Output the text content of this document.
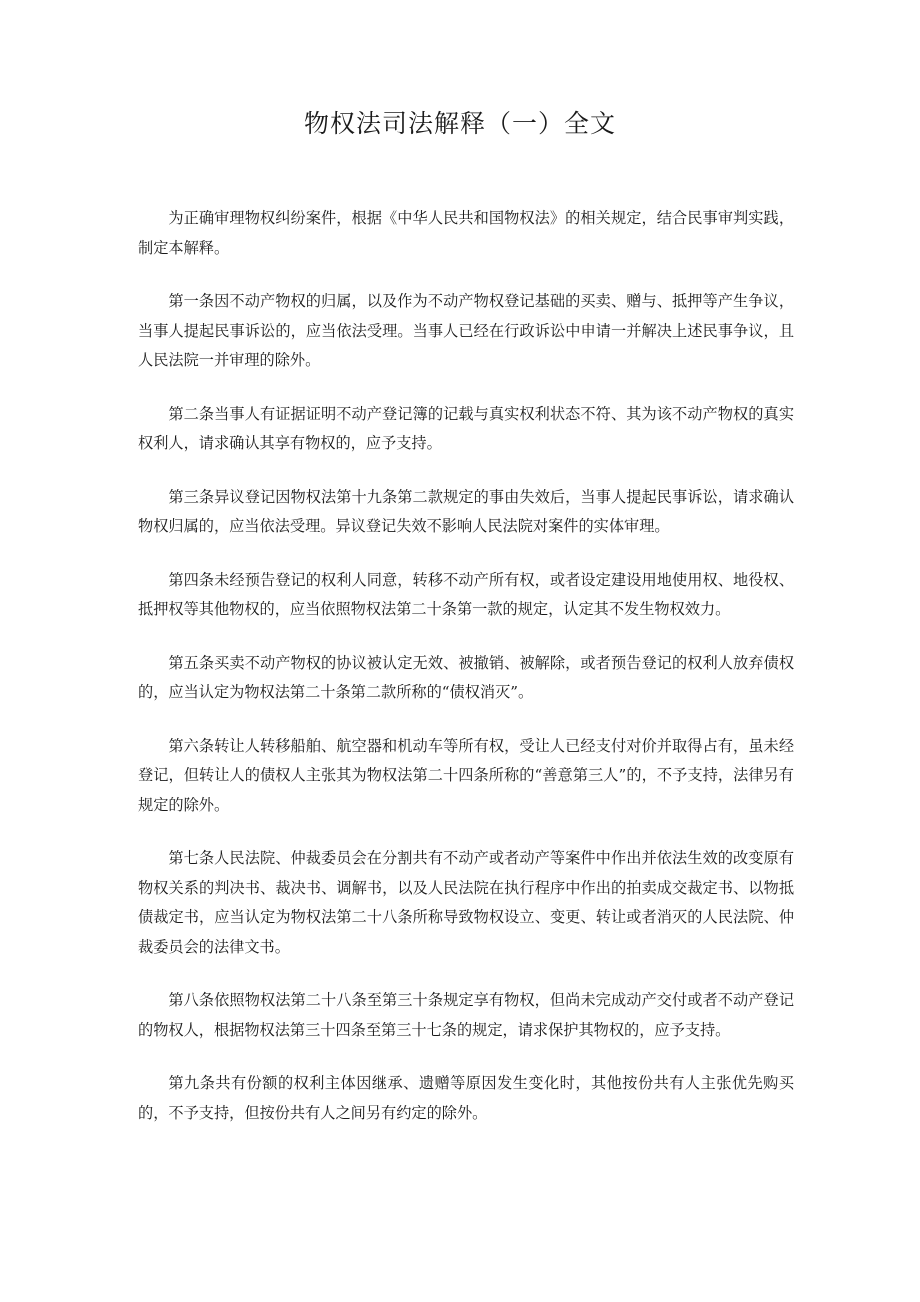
物权法司法解释（一）全文

为正确审理物权纠纷案件，根据《中华人民共和国物权法》的相关规定，结合民事审判实践，制定本解释。

第一条因不动产物权的归属，以及作为不动产物权登记基础的买卖、赠与、抵押等产生争议，当事人提起民事诉讼的，应当依法受理。当事人已经在行政诉讼中申请一并解决上述民事争议，且人民法院一并审理的除外。

第二条当事人有证据证明不动产登记簿的记载与真实权利状态不符、其为该不动产物权的真实权利人，请求确认其享有物权的，应予支持。

第三条异议登记因物权法第十九条第二款规定的事由失效后，当事人提起民事诉讼，请求确认物权归属的，应当依法受理。异议登记失效不影响人民法院对案件的实体审理。

第四条未经预告登记的权利人同意，转移不动产所有权，或者设定建设用地使用权、地役权、抵押权等其他物权的，应当依照物权法第二十条第一款的规定，认定其不发生物权效力。

第五条买卖不动产物权的协议被认定无效、被撤销、被解除，或者预告登记的权利人放弃债权的，应当认定为物权法第二十条第二款所称的“债权消灭”。

第六条转让人转移船舶、航空器和机动车等所有权，受让人已经支付对价并取得占有，虽未经登记，但转让人的债权人主张其为物权法第二十四条所称的“善意第三人”的，不予支持，法律另有规定的除外。

第七条人民法院、仲裁委员会在分割共有不动产或者动产等案件中作出并依法生效的改变原有物权关系的判决书、裁决书、调解书，以及人民法院在执行程序中作出的拍卖成交裁定书、以物抵债裁定书，应当认定为物权法第二十八条所称导致物权设立、变更、转让或者消灭的人民法院、仲裁委员会的法律文书。

第八条依照物权法第二十八条至第三十条规定享有物权，但尚未完成动产交付或者不动产登记的物权人，根据物权法第三十四条至第三十七条的规定，请求保护其物权的，应予支持。

第九条共有份额的权利主体因继承、遗赠等原因发生变化时，其他按份共有人主张优先购买的，不予支持，但按份共有人之间另有约定的除外。
